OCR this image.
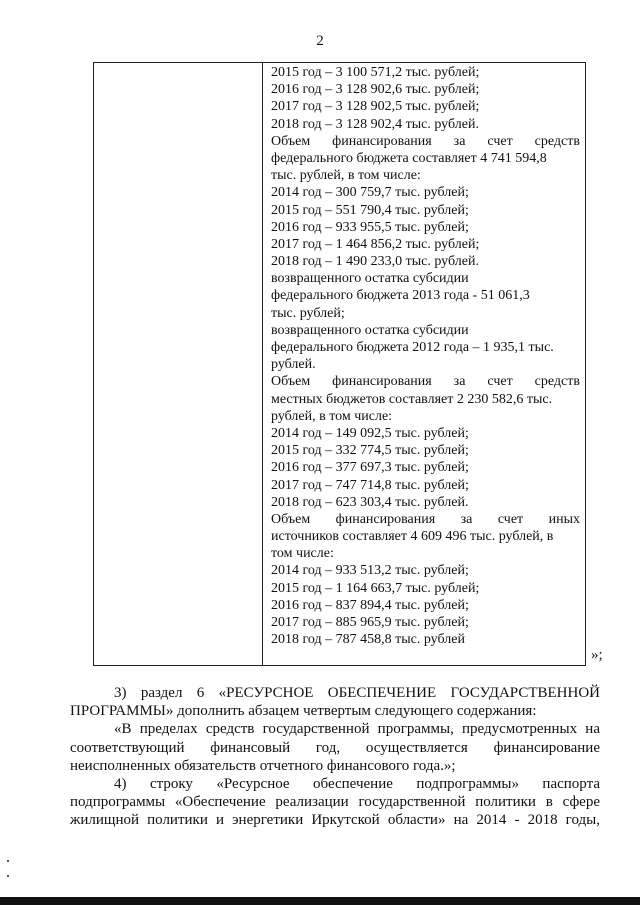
2

2015 год – 3 100 571,2 тыс. рублей;
2016 год – 3 128 902,6 тыс. рублей;
2017 год – 3 128 902,5 тыс. рублей;
2018 год – 3 128 902,4 тыс. рублей.
Объем финансирования за счет средств
федерального бюджета составляет 4 741 594,8
тыс. рублей, в том числе:
2014 год – 300 759,7 тыс. рублей;
2015 год – 551 790,4 тыс. рублей;
2016 год – 933 955,5 тыс. рублей;
2017 год – 1 464 856,2 тыс. рублей;
2018 год – 1 490 233,0 тыс. рублей.
возвращенного остатка субсидии
федерального бюджета 2013 года - 51 061,3
тыс. рублей;
возвращенного остатка субсидии
федерального бюджета 2012 года – 1 935,1 тыс.
рублей.
Объем финансирования за счет средств
местных бюджетов составляет 2 230 582,6 тыс.
рублей, в том числе:
2014 год – 149 092,5 тыс. рублей;
2015 год – 332 774,5 тыс. рублей;
2016 год – 377 697,3 тыс. рублей;
2017 год – 747 714,8 тыс. рублей;
2018 год – 623 303,4 тыс. рублей.
Объем финансирования за счет иных
источников составляет 4 609 496 тыс. рублей, в
том числе:
2014 год – 933 513,2 тыс. рублей;
2015 год – 1 164 663,7 тыс. рублей;
2016 год – 837 894,4 тыс. рублей;
2017 год – 885 965,9 тыс. рублей;
2018 год – 787 458,8 тыс. рублей
»;
3) раздел 6 «РЕСУРСНОЕ ОБЕСПЕЧЕНИЕ ГОСУДАРСТВЕННОЙ
ПРОГРАММЫ» дополнить абзацем четвертым следующего содержания:
«В пределах средств государственной программы, предусмотренных на
соответствующий финансовый год, осуществляется финансирование
неисполненных обязательств отчетного финансового года.»;
4) строку «Ресурсное обеспечение подпрограммы» паспорта
подпрограммы «Обеспечение реализации государственной политики в сфере
жилищной политики и энергетики Иркутской области» на 2014 - 2018 годы,
